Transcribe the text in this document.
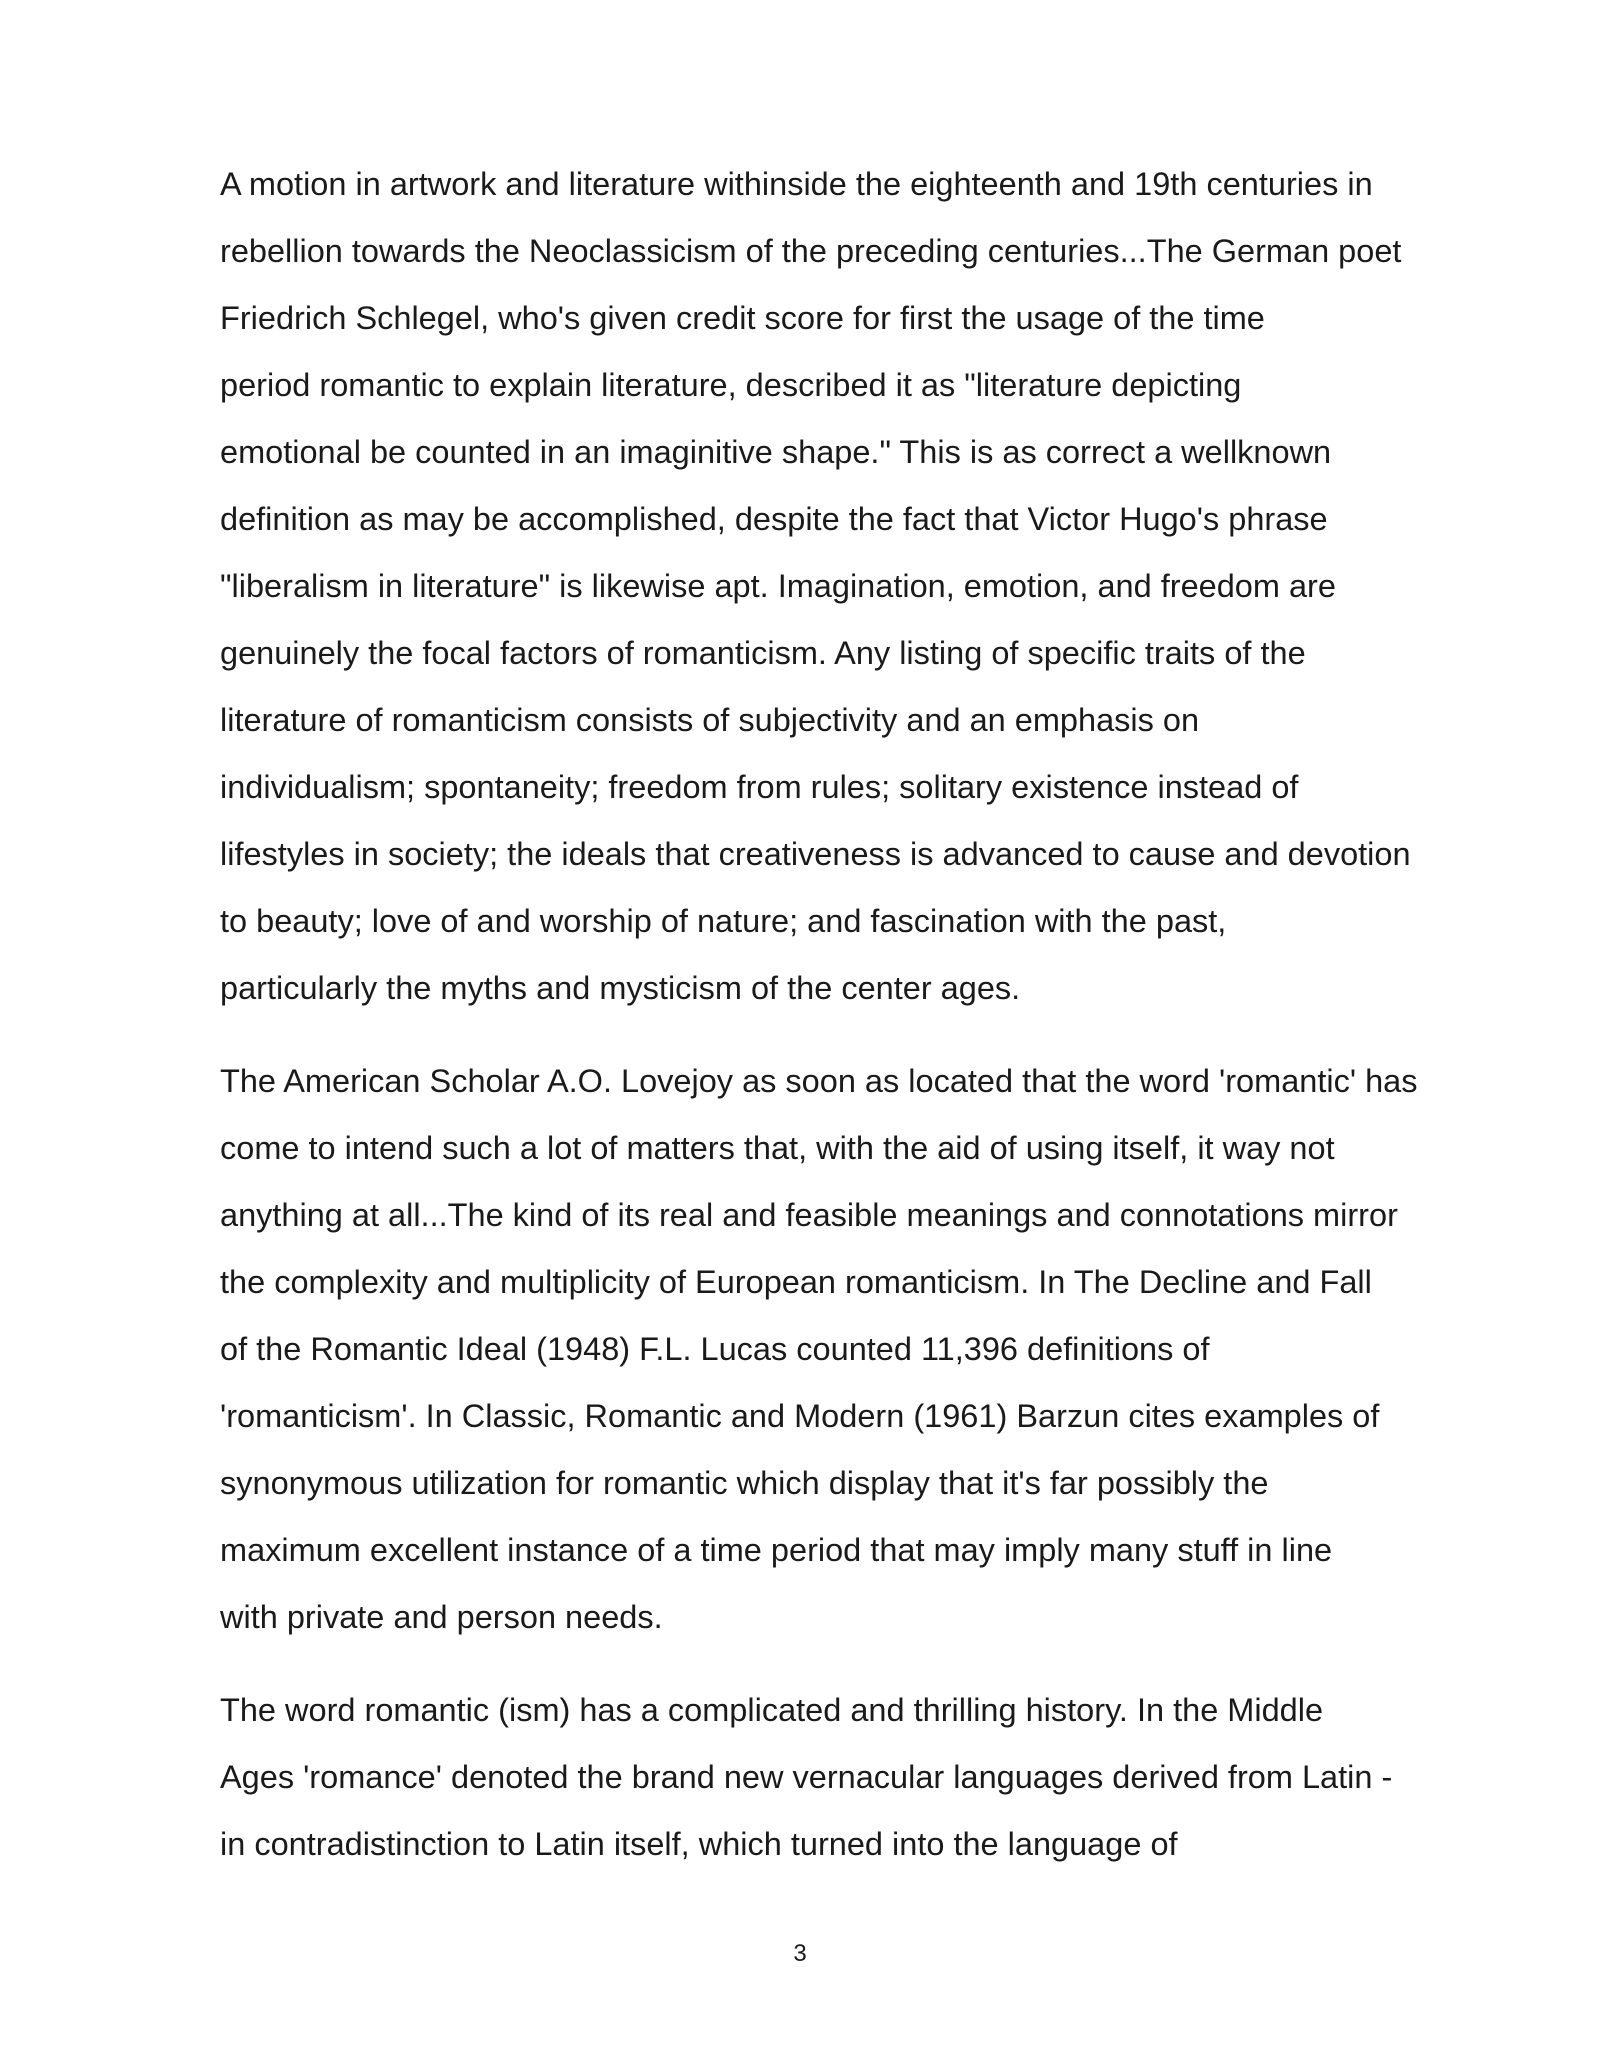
A motion in artwork and literature withinside the eighteenth and 19th centuries in
rebellion towards the Neoclassicism of the preceding centuries...The German poet
Friedrich Schlegel, who's given credit score for first the usage of the time
period romantic to explain literature, described it as "literature depicting
emotional be counted in an imaginitive shape." This is as correct a wellknown
definition as may be accomplished, despite the fact that Victor Hugo's phrase
"liberalism in literature" is likewise apt. Imagination, emotion, and freedom are
genuinely the focal factors of romanticism. Any listing of specific traits of the
literature of romanticism consists of subjectivity and an emphasis on
individualism; spontaneity; freedom from rules; solitary existence instead of
lifestyles in society; the ideals that creativeness is advanced to cause and devotion
to beauty; love of and worship of nature; and fascination with the past,
particularly the myths and mysticism of the center ages.

The American Scholar A.O. Lovejoy as soon as located that the word 'romantic' has
come to intend such a lot of matters that, with the aid of using itself, it way not
anything at all...The kind of its real and feasible meanings and connotations mirror
the complexity and multiplicity of European romanticism. In The Decline and Fall
of the Romantic Ideal (1948) F.L. Lucas counted 11,396 definitions of
'romanticism'. In Classic, Romantic and Modern (1961) Barzun cites examples of
synonymous utilization for romantic which display that it's far possibly the
maximum excellent instance of a time period that may imply many stuff in line
with private and person needs.

The word romantic (ism) has a complicated and thrilling history. In the Middle
Ages 'romance' denoted the brand new vernacular languages derived from Latin -
in contradistinction to Latin itself, which turned into the language of

3
